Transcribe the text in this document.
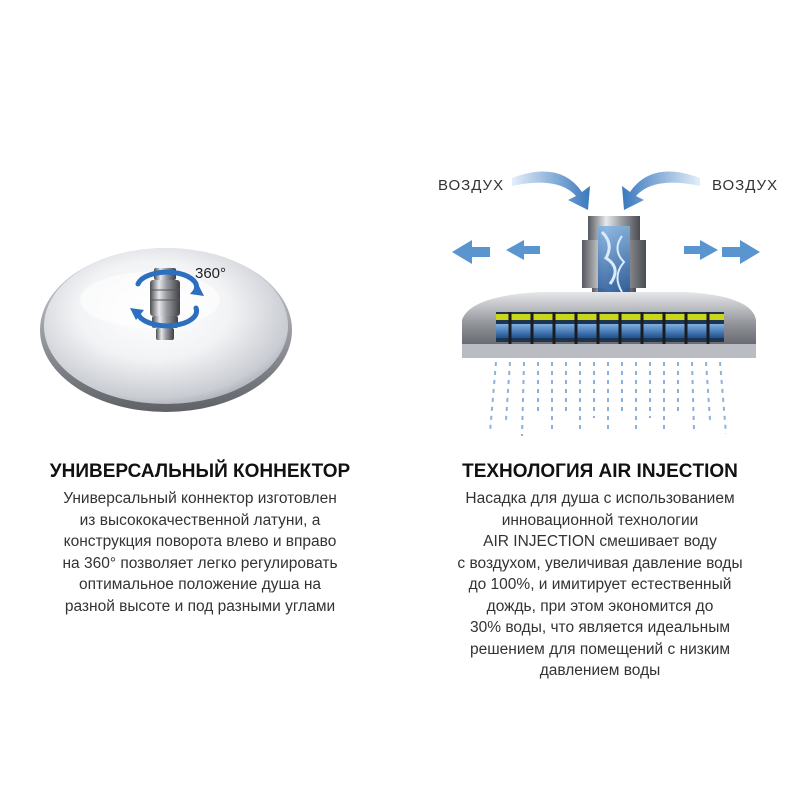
360°
УНИВЕРСАЛЬНЫЙ КОННЕКТОР
Универсальный коннектор изготовлен
из высококачественной латуни, а
конструкция поворота влево и вправо
на 360° позволяет легко регулировать
оптимальное положение душа на
разной высоте и под разными углами
ВОЗДУХ	ВОЗДУХ
ТЕХНОЛОГИЯ AIR INJECTION
Насадка для душа с использованием
инновационной технологии
AIR INJECTION смешивает воду
с воздухом, увеличивая давление воды
до 100%, и имитирует естественный
дождь, при этом экономится до
30% воды, что является идеальным
решением для помещений с низким
давлением воды
